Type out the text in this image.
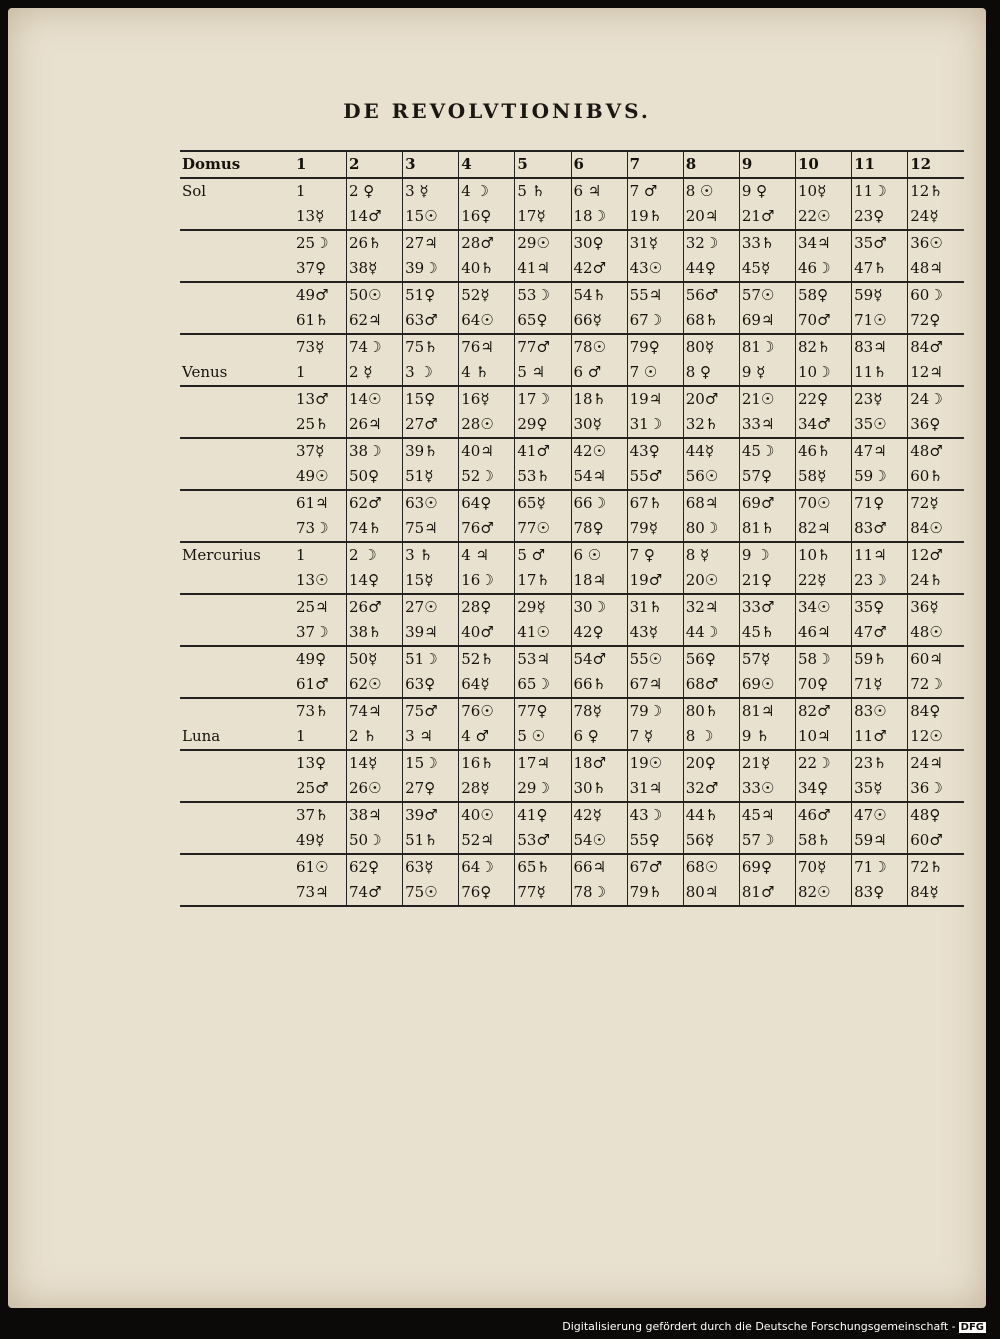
DE REVOLVTIONIBVS.
Domus	1	2	3	4	5	6	7	8	9	10	11	12
Sol	1	2 ♀	3 ☿	4 ☽	5 ♄	6 ♃	7 ♂	8 ☉	9 ♀	10☿	11☽	12♄
	13☿	14♂	15☉	16♀	17☿	18☽	19♄	20♃	21♂	22☉	23♀	24☿
	25☽	26♄	27♃	28♂	29☉	30♀	31☿	32☽	33♄	34♃	35♂	36☉
	37♀	38☿	39☽	40♄	41♃	42♂	43☉	44♀	45☿	46☽	47♄	48♃
	49♂	50☉	51♀	52☿	53☽	54♄	55♃	56♂	57☉	58♀	59☿	60☽
	61♄	62♃	63♂	64☉	65♀	66☿	67☽	68♄	69♃	70♂	71☉	72♀
	73☿	74☽	75♄	76♃	77♂	78☉	79♀	80☿	81☽	82♄	83♃	84♂
Venus	1	2 ☿	3 ☽	4 ♄	5 ♃	6 ♂	7 ☉	8 ♀	9 ☿	10☽	11♄	12♃
	13♂	14☉	15♀	16☿	17☽	18♄	19♃	20♂	21☉	22♀	23☿	24☽
	25♄	26♃	27♂	28☉	29♀	30☿	31☽	32♄	33♃	34♂	35☉	36♀
	37☿	38☽	39♄	40♃	41♂	42☉	43♀	44☿	45☽	46♄	47♃	48♂
	49☉	50♀	51☿	52☽	53♄	54♃	55♂	56☉	57♀	58☿	59☽	60♄
	61♃	62♂	63☉	64♀	65☿	66☽	67♄	68♃	69♂	70☉	71♀	72☿
	73☽	74♄	75♃	76♂	77☉	78♀	79☿	80☽	81♄	82♃	83♂	84☉
Mercurius	1	2 ☽	3 ♄	4 ♃	5 ♂	6 ☉	7 ♀	8 ☿	9 ☽	10♄	11♃	12♂
	13☉	14♀	15☿	16☽	17♄	18♃	19♂	20☉	21♀	22☿	23☽	24♄
	25♃	26♂	27☉	28♀	29☿	30☽	31♄	32♃	33♂	34☉	35♀	36☿
	37☽	38♄	39♃	40♂	41☉	42♀	43☿	44☽	45♄	46♃	47♂	48☉
	49♀	50☿	51☽	52♄	53♃	54♂	55☉	56♀	57☿	58☽	59♄	60♃
	61♂	62☉	63♀	64☿	65☽	66♄	67♃	68♂	69☉	70♀	71☿	72☽
	73♄	74♃	75♂	76☉	77♀	78☿	79☽	80♄	81♃	82♂	83☉	84♀
Luna	1	2 ♄	3 ♃	4 ♂	5 ☉	6 ♀	7 ☿	8 ☽	9 ♄	10♃	11♂	12☉
	13♀	14☿	15☽	16♄	17♃	18♂	19☉	20♀	21☿	22☽	23♄	24♃
	25♂	26☉	27♀	28☿	29☽	30♄	31♃	32♂	33☉	34♀	35☿	36☽
	37♄	38♃	39♂	40☉	41♀	42☿	43☽	44♄	45♃	46♂	47☉	48♀
	49☿	50☽	51♄	52♃	53♂	54☉	55♀	56☿	57☽	58♄	59♃	60♂
	61☉	62♀	63☿	64☽	65♄	66♃	67♂	68☉	69♀	70☿	71☽	72♄
	73♃	74♂	75☉	76♀	77☿	78☽	79♄	80♃	81♂	82☉	83♀	84☿
Digitalisierung gefördert durch die Deutsche Forschungsgemeinschaft - DFG
